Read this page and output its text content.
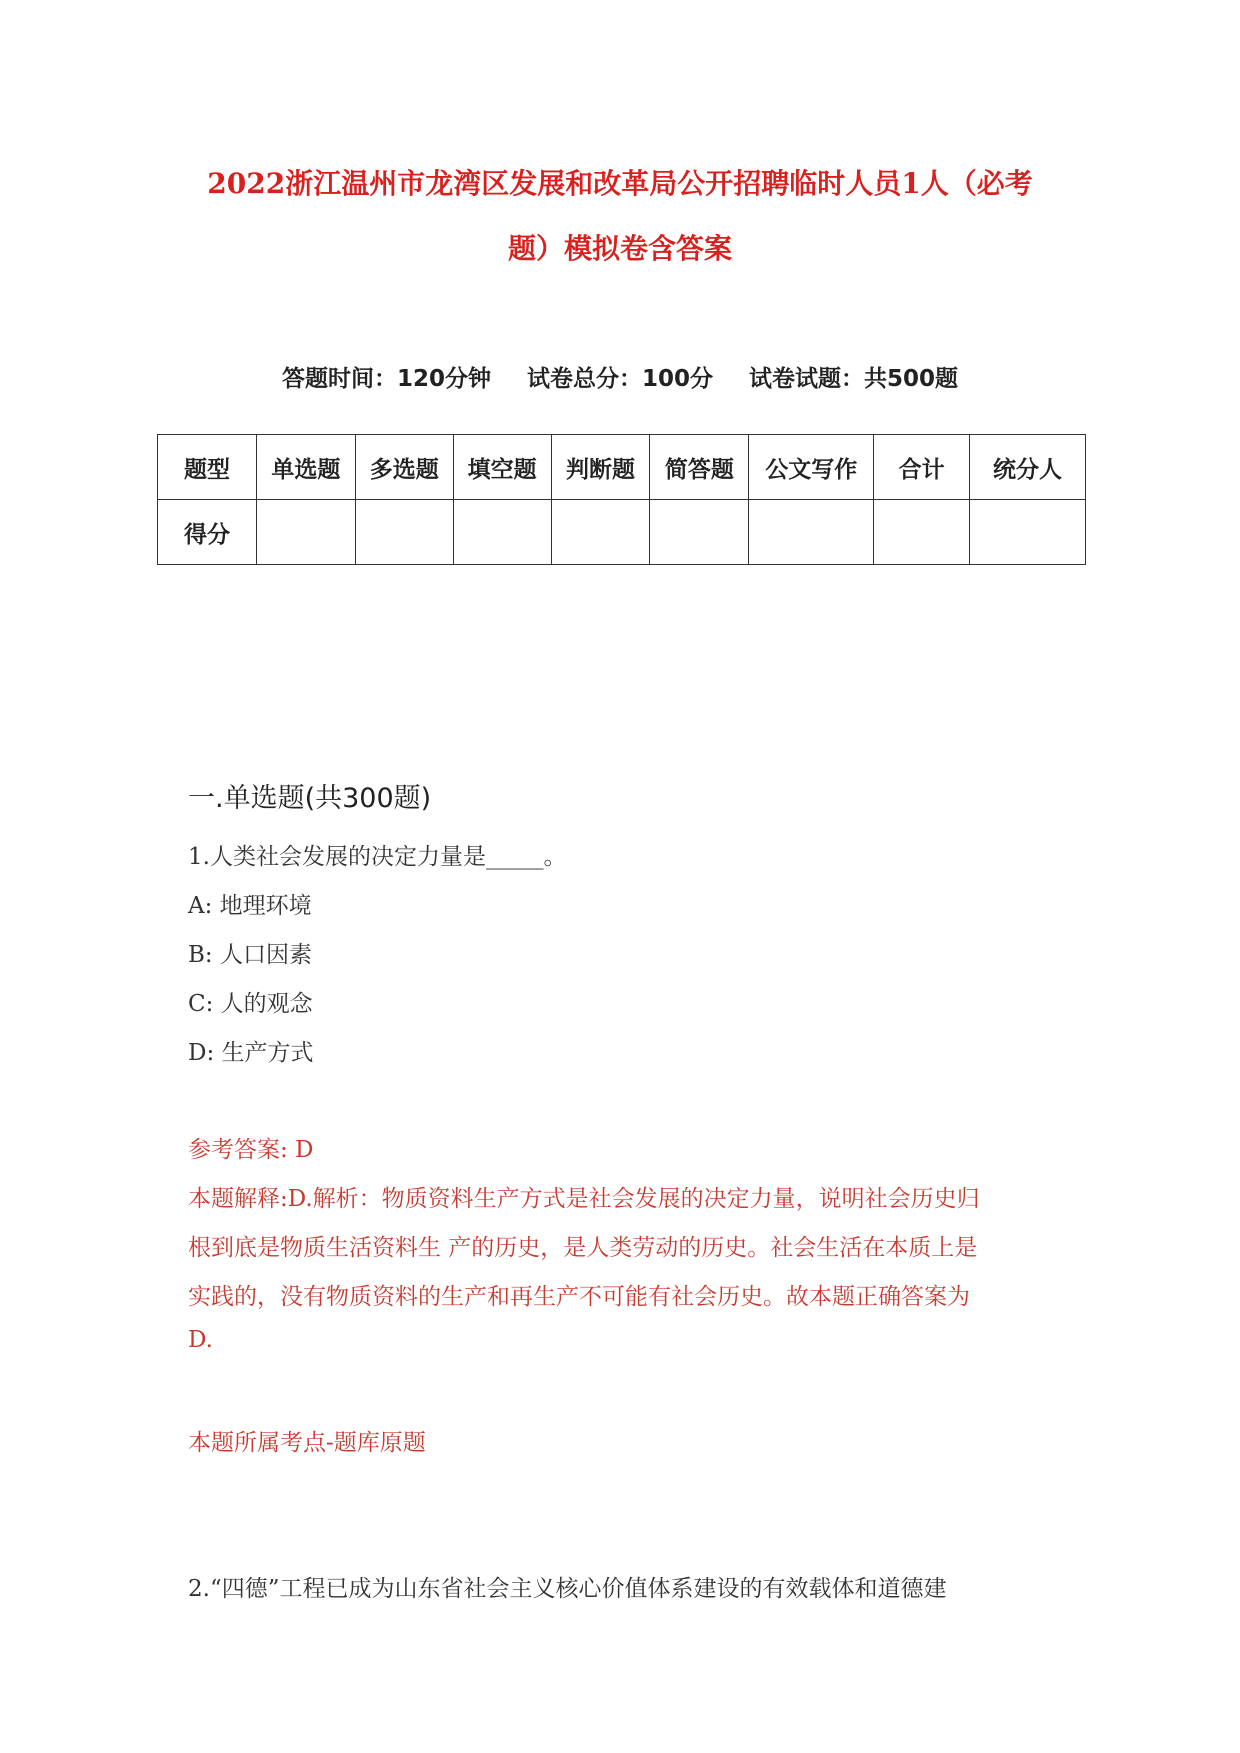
2022浙江温州市龙湾区发展和改革局公开招聘临时人员1人（必考
题）模拟卷含答案
答题时间：120分钟 试卷总分：100分 试卷试题：共500题
题型	单选题	多选题	填空题	判断题	简答题	公文写作	合计	统分人
得分								
一.单选题(共300题)
1.人类社会发展的决定力量是_____。
A: 地理环境
B: 人口因素
C: 人的观念
D: 生产方式
参考答案: D
本题解释:D.解析：物质资料生产方式是社会发展的决定力量，说明社会历史归
根到底是物质生活资料生 产的历史，是人类劳动的历史。社会生活在本质上是
实践的，没有物质资料的生产和再生产不可能有社会历史。故本题正确答案为
D.
本题所属考点-题库原题
2.“四德”工程已成为山东省社会主义核心价值体系建设的有效载体和道德建
